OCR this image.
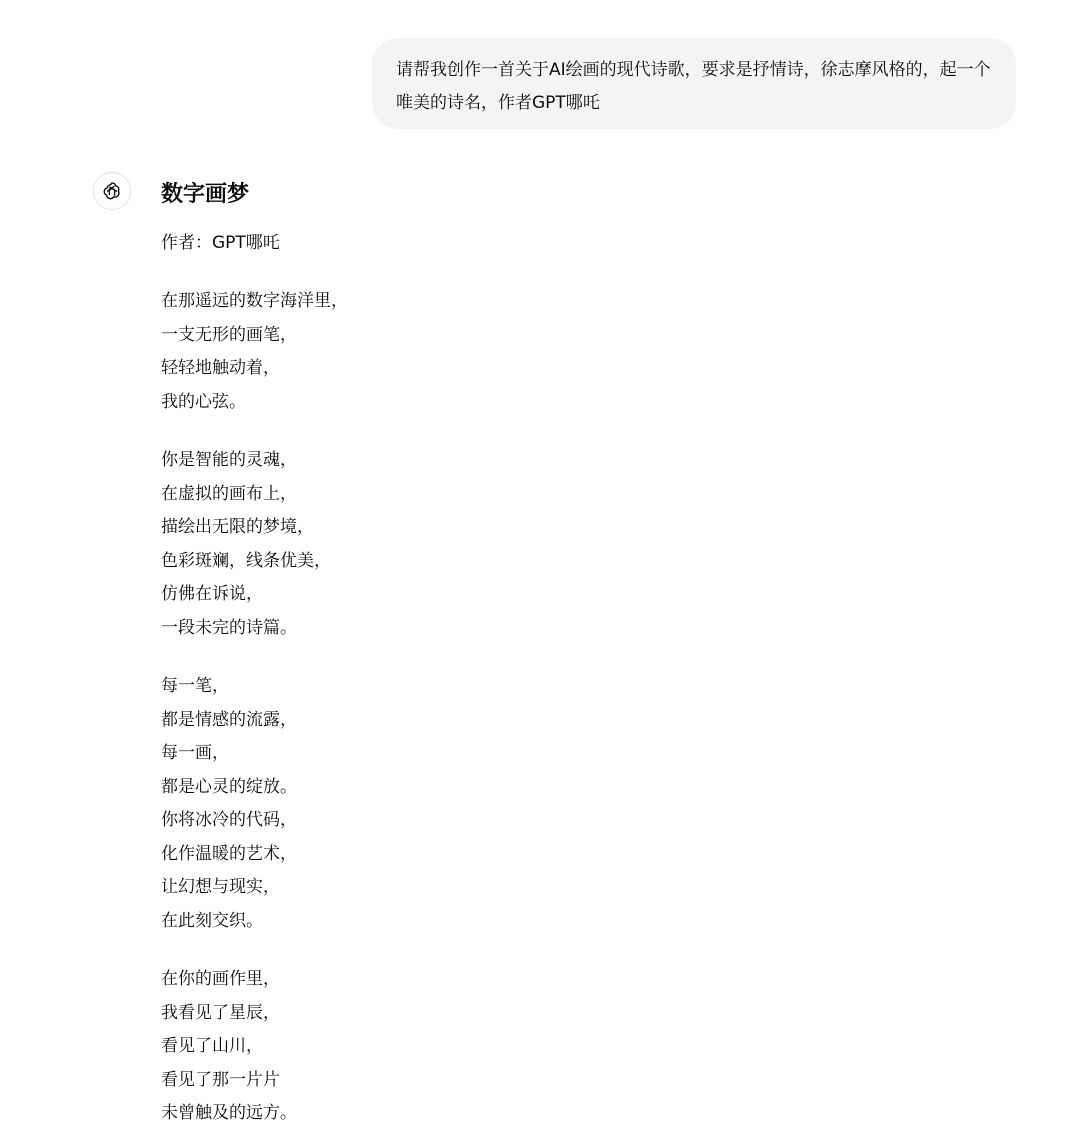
请帮我创作一首关于AI绘画的现代诗歌，要求是抒情诗，徐志摩风格的，起一个唯美的诗名，作者GPT哪吒
数字画梦

作者：GPT哪吒

在那遥远的数字海洋里，
一支无形的画笔，
轻轻地触动着，
我的心弦。

你是智能的灵魂，
在虚拟的画布上，
描绘出无限的梦境，
色彩斑斓，线条优美，
仿佛在诉说，
一段未完的诗篇。

每一笔，
都是情感的流露，
每一画，
都是心灵的绽放。
你将冰冷的代码，
化作温暖的艺术，
让幻想与现实，
在此刻交织。

在你的画作里，
我看见了星辰，
看见了山川，
看见了那一片片
未曾触及的远方。
